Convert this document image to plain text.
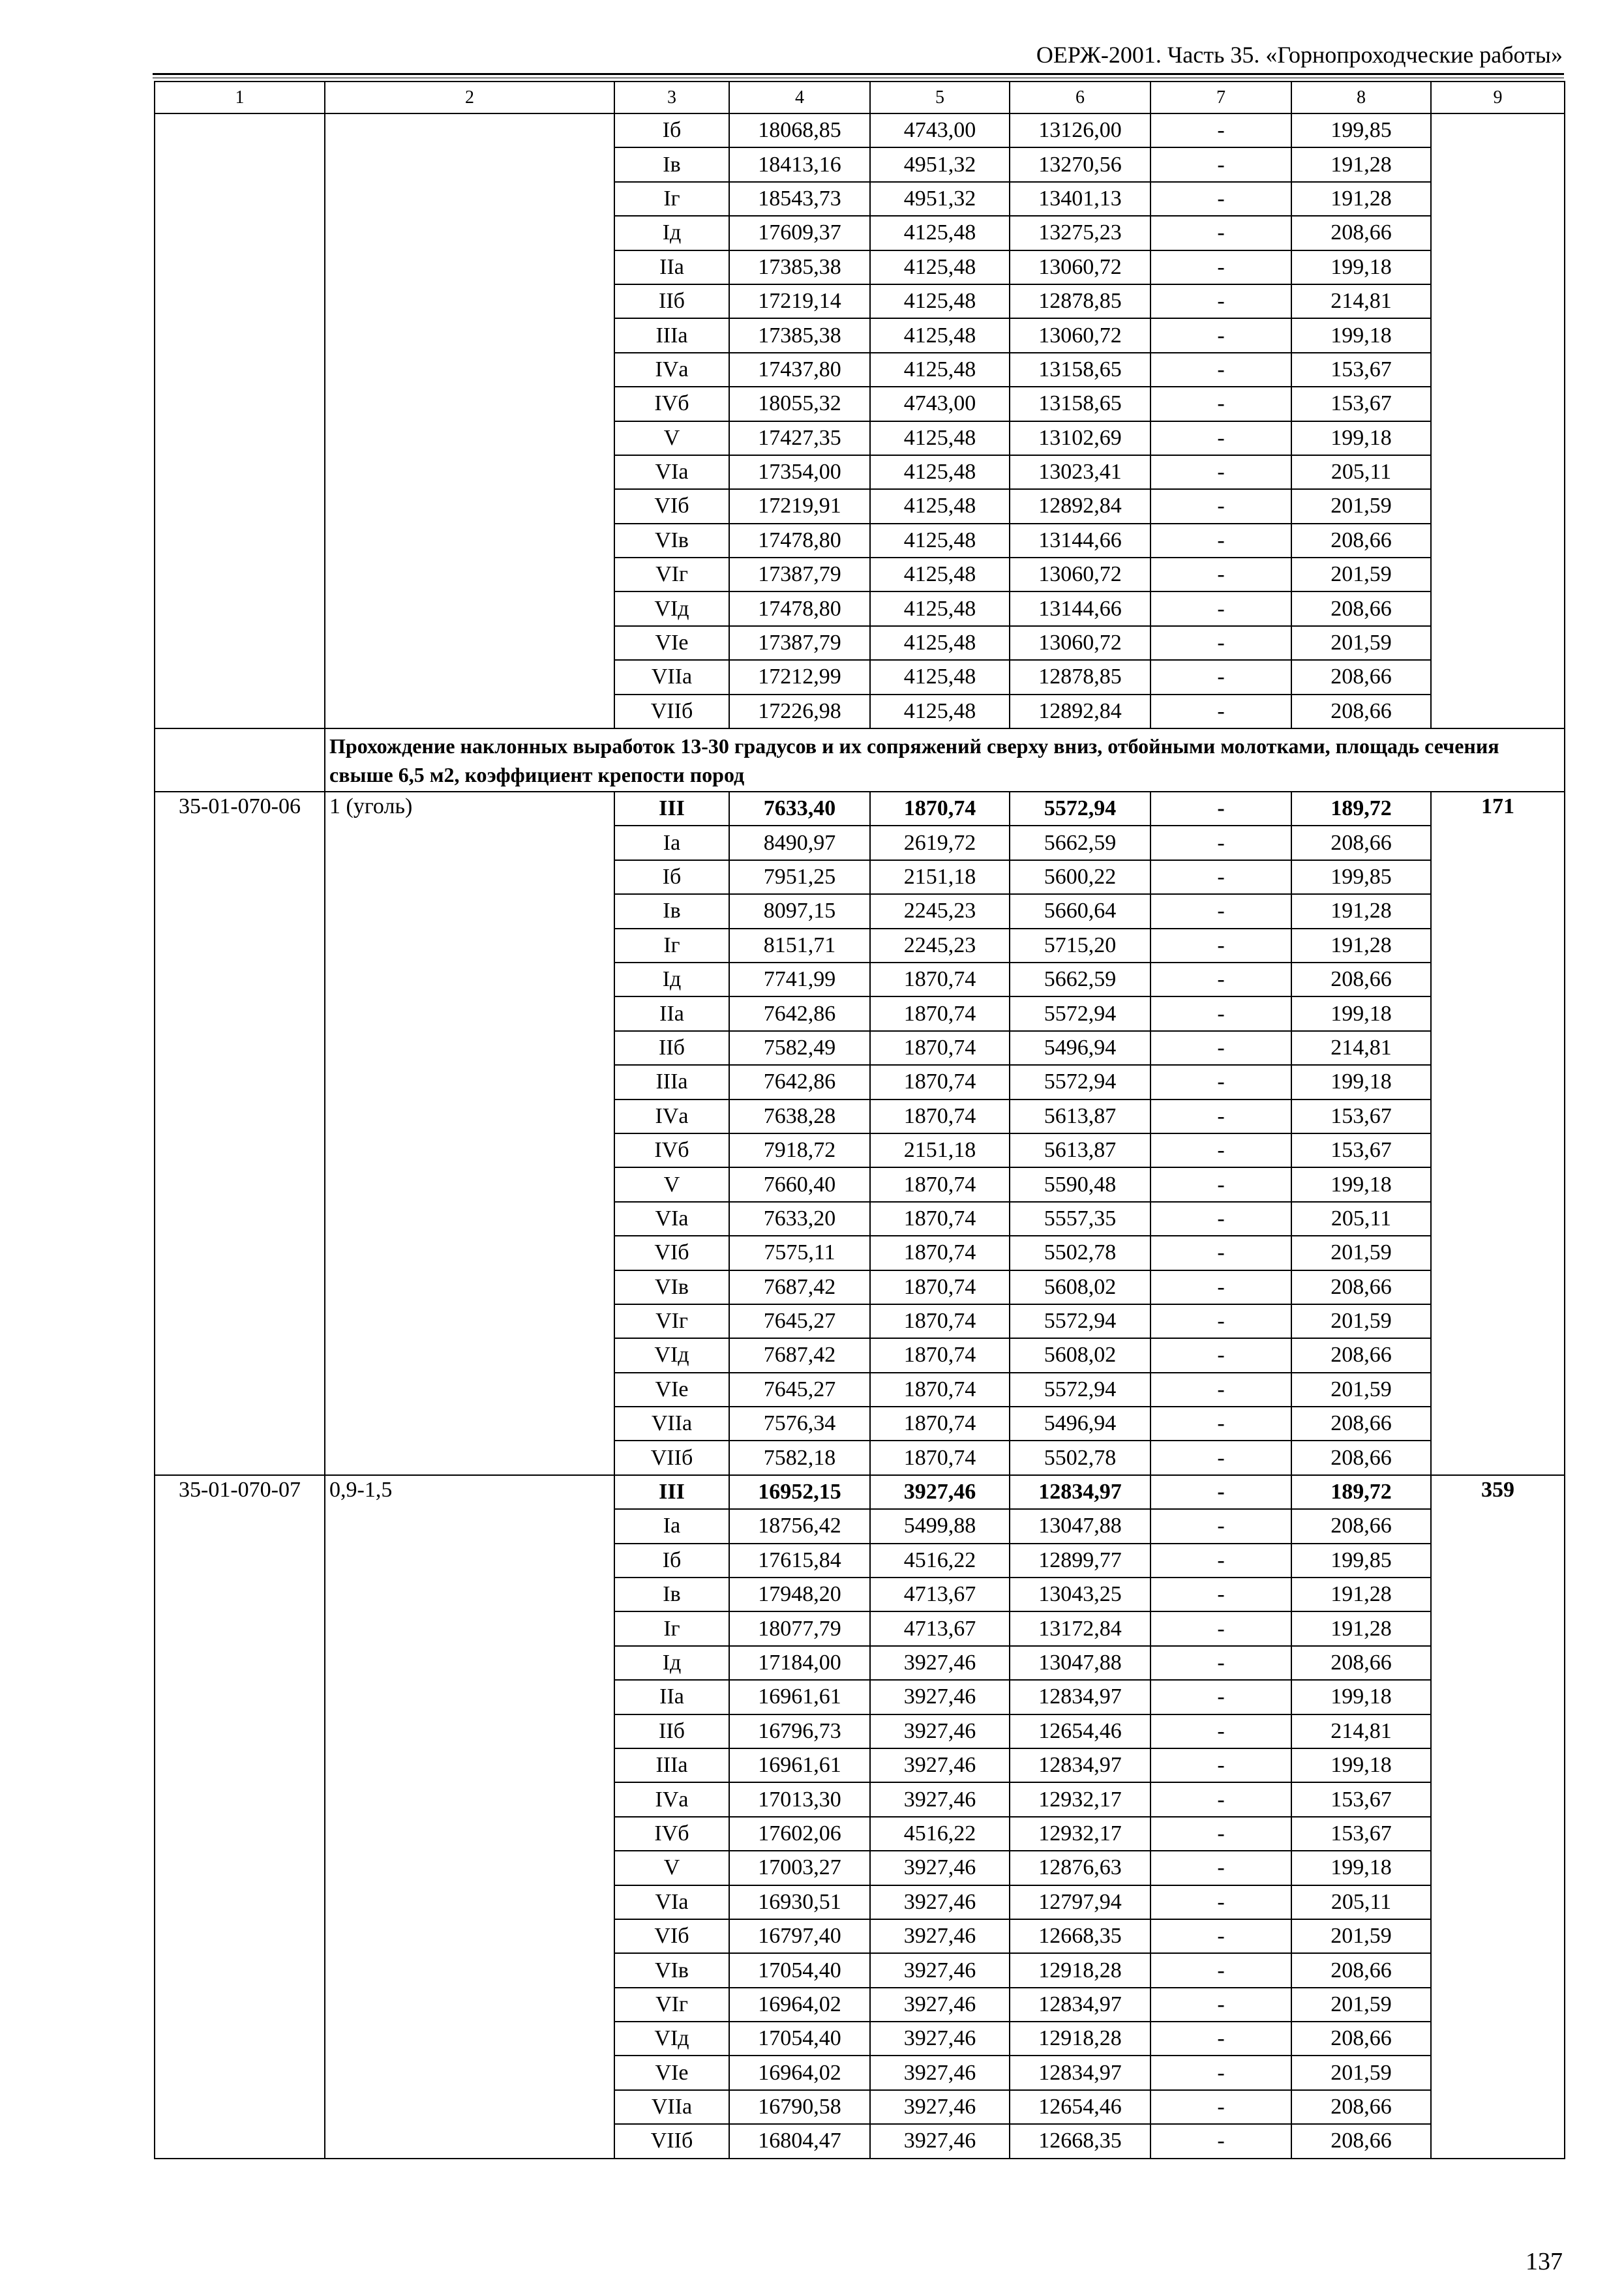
ОЕРЖ-2001. Часть 35. «Горнопроходческие работы»
1	2	3	4	5	6	7	8	9
		Iб	18068,85	4743,00	13126,00	-	199,85	
		Iв	18413,16	4951,32	13270,56	-	191,28	
		Iг	18543,73	4951,32	13401,13	-	191,28	
		Iд	17609,37	4125,48	13275,23	-	208,66	
		IIа	17385,38	4125,48	13060,72	-	199,18	
		IIб	17219,14	4125,48	12878,85	-	214,81	
		IIIа	17385,38	4125,48	13060,72	-	199,18	
		IVа	17437,80	4125,48	13158,65	-	153,67	
		IVб	18055,32	4743,00	13158,65	-	153,67	
		V	17427,35	4125,48	13102,69	-	199,18	
		VIа	17354,00	4125,48	13023,41	-	205,11	
		VIб	17219,91	4125,48	12892,84	-	201,59	
		VIв	17478,80	4125,48	13144,66	-	208,66	
		VIг	17387,79	4125,48	13060,72	-	201,59	
		VIд	17478,80	4125,48	13144,66	-	208,66	
		VIе	17387,79	4125,48	13060,72	-	201,59	
		VIIа	17212,99	4125,48	12878,85	-	208,66	
		VIIб	17226,98	4125,48	12892,84	-	208,66	
	Прохождение наклонных выработок 13-30 градусов и их сопряжений сверху вниз, отбойными молотками, площадь сечения свыше 6,5 м2, коэффициент крепости пород							
35-01-070-06	1 (уголь)	III	7633,40	1870,74	5572,94	-	189,72	171
		Iа	8490,97	2619,72	5662,59	-	208,66	
		Iб	7951,25	2151,18	5600,22	-	199,85	
		Iв	8097,15	2245,23	5660,64	-	191,28	
		Iг	8151,71	2245,23	5715,20	-	191,28	
		Iд	7741,99	1870,74	5662,59	-	208,66	
		IIа	7642,86	1870,74	5572,94	-	199,18	
		IIб	7582,49	1870,74	5496,94	-	214,81	
		IIIа	7642,86	1870,74	5572,94	-	199,18	
		IVа	7638,28	1870,74	5613,87	-	153,67	
		IVб	7918,72	2151,18	5613,87	-	153,67	
		V	7660,40	1870,74	5590,48	-	199,18	
		VIа	7633,20	1870,74	5557,35	-	205,11	
		VIб	7575,11	1870,74	5502,78	-	201,59	
		VIв	7687,42	1870,74	5608,02	-	208,66	
		VIг	7645,27	1870,74	5572,94	-	201,59	
		VIд	7687,42	1870,74	5608,02	-	208,66	
		VIе	7645,27	1870,74	5572,94	-	201,59	
		VIIа	7576,34	1870,74	5496,94	-	208,66	
		VIIб	7582,18	1870,74	5502,78	-	208,66	
35-01-070-07	0,9-1,5	III	16952,15	3927,46	12834,97	-	189,72	359
		Iа	18756,42	5499,88	13047,88	-	208,66	
		Iб	17615,84	4516,22	12899,77	-	199,85	
		Iв	17948,20	4713,67	13043,25	-	191,28	
		Iг	18077,79	4713,67	13172,84	-	191,28	
		Iд	17184,00	3927,46	13047,88	-	208,66	
		IIа	16961,61	3927,46	12834,97	-	199,18	
		IIб	16796,73	3927,46	12654,46	-	214,81	
		IIIа	16961,61	3927,46	12834,97	-	199,18	
		IVа	17013,30	3927,46	12932,17	-	153,67	
		IVб	17602,06	4516,22	12932,17	-	153,67	
		V	17003,27	3927,46	12876,63	-	199,18	
		VIа	16930,51	3927,46	12797,94	-	205,11	
		VIб	16797,40	3927,46	12668,35	-	201,59	
		VIв	17054,40	3927,46	12918,28	-	208,66	
		VIг	16964,02	3927,46	12834,97	-	201,59	
		VIд	17054,40	3927,46	12918,28	-	208,66	
		VIе	16964,02	3927,46	12834,97	-	201,59	
		VIIа	16790,58	3927,46	12654,46	-	208,66	
		VIIб	16804,47	3927,46	12668,35	-	208,66	
137
